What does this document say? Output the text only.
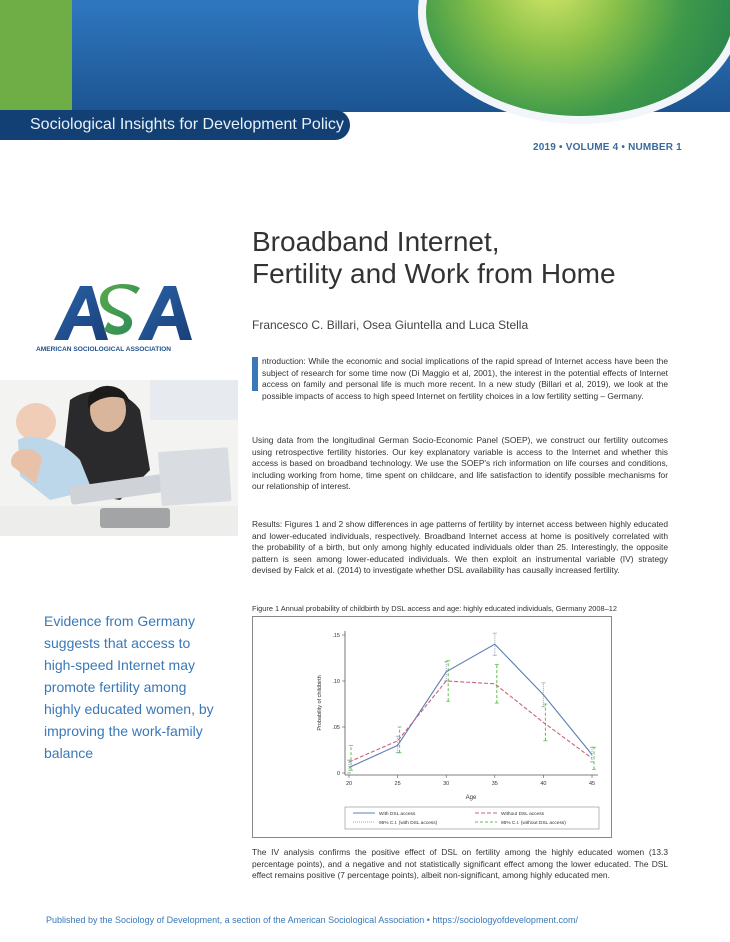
Sociological Insights for Development Policy
2019 • VOLUME 4 • NUMBER 1
Broadband Internet,
Fertility and Work from Home
Francesco C. Billari, Osea Giuntella and Luca Stella
AMERICAN SOCIOLOGICAL ASSOCIATION
Evidence from Germany suggests that access to high-speed Internet may promote fertility among highly educated women, by improving the work-family balance
ntroduction: While the economic and social implications of the rapid spread of Internet access have been the subject of research for some time now (Di Maggio et al, 2001), the interest in the potential effects of Internet access on family and personal life is much more recent. In a new study (Billari et al, 2019), we look at the possible impacts of access to high speed Internet on fertility choices in a low fertility setting – Germany.

Using data from the longitudinal German Socio-Economic Panel (SOEP), we construct our fertility outcomes using retrospective fertility histories. Our key explanatory variable is access to the Internet and whether this access is based on broadband technology. We use the SOEP's rich information on life courses and conditions, including working from home, time spent on childcare, and life satisfaction to identify possible mechanisms for our relationship of interest.

Results: Figures 1 and 2 show differences in age patterns of fertility by internet access between highly educated and lower-educated individuals, respectively. Broadband Internet access at home is positively correlated with the probability of a birth, but only among highly educated individuals older than 25. Interestingly, the opposite pattern is seen among lower-educated individuals. We then exploit an instrumental variable (IV) strategy devised by Falck et al. (2014) to investigate whether DSL availability has causally increased fertility.

Figure 1 Annual probability of childbirth by DSL access and age: highly educated individuals, Germany 2008–12
.15
.10
.05
0
20	25	30	35	40	45
Age
Probability of childbirth
With DSL access	Without DSL access
95% C.I. (with DSL access)	95% C.I. (without DSL access)

The IV analysis confirms the positive effect of DSL on fertility among the highly educated women (13.3 percentage points), and a negative and not statistically significant effect among the lower educated. The DSL effect remains positive (7 percentage points), albeit non-significant, among highly educated men.

Published by the Sociology of Development, a section of the American Sociological Association • https://sociologyofdevelopment.com/
